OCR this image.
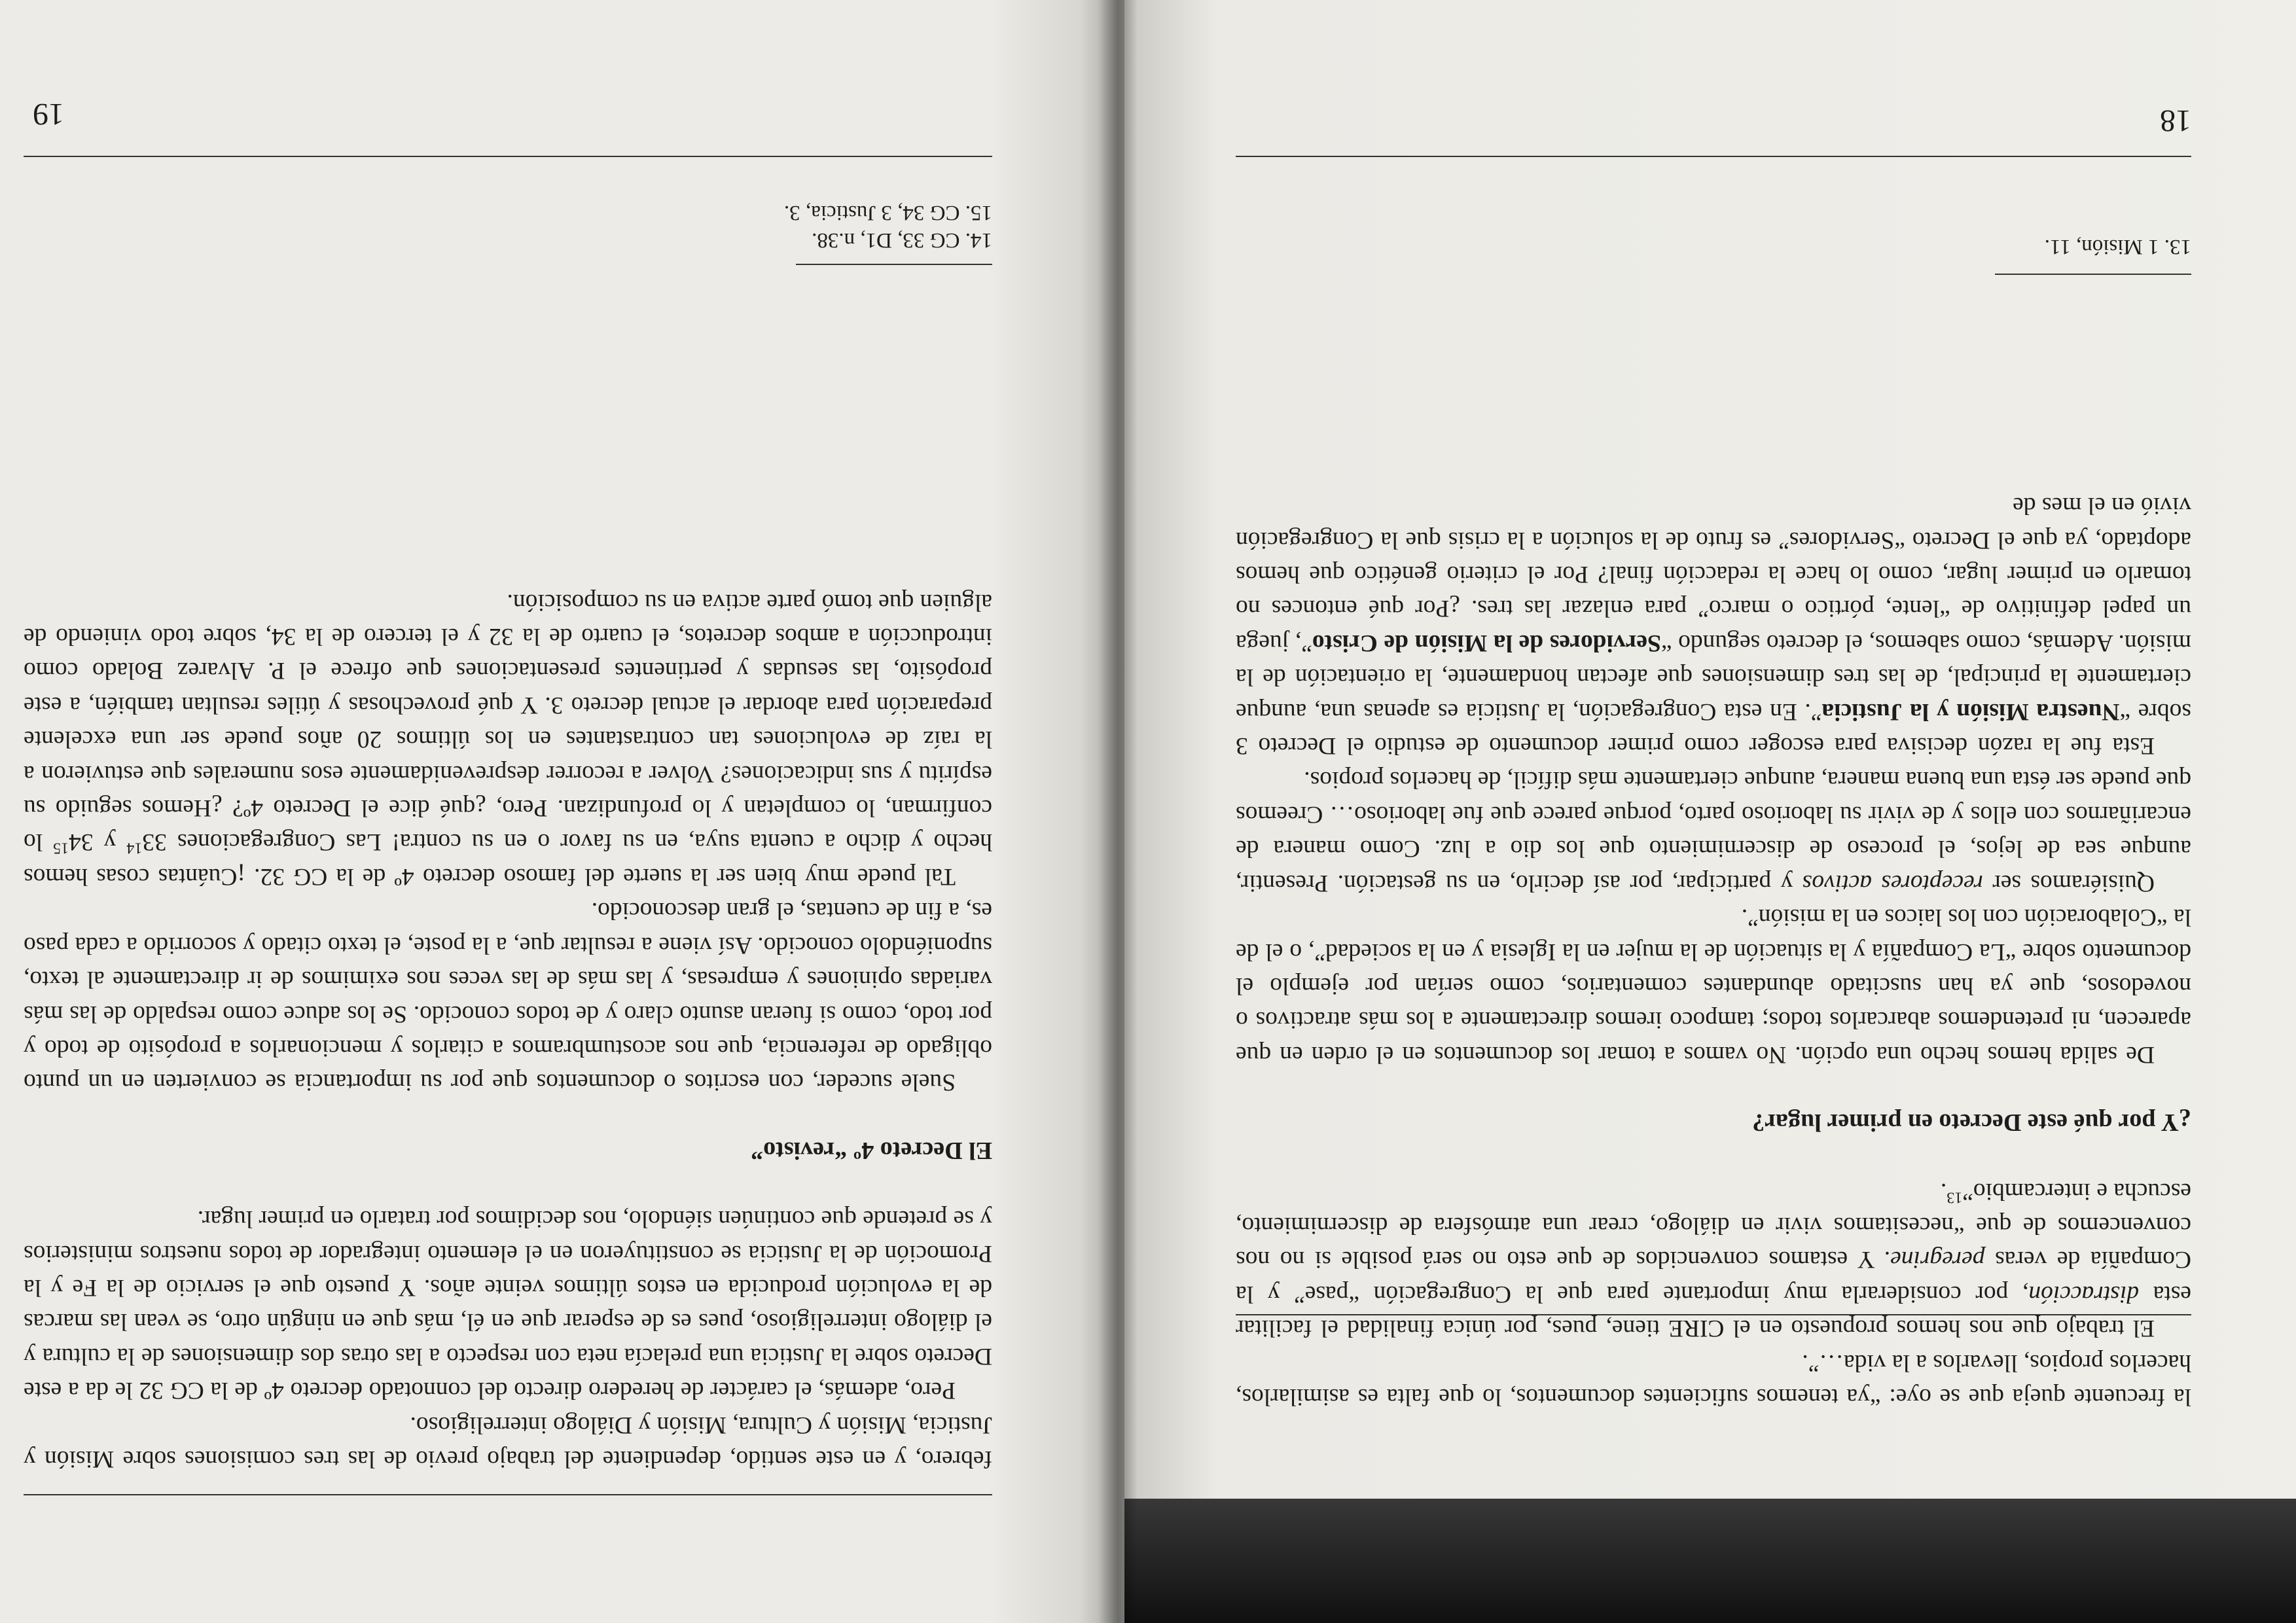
la frecuente queja que se oye: “ya tenemos suficientes documentos, lo que falta es asimilarlos, hacerlos propios, llevarlos a la vida…”.

El trabajo que nos hemos propuesto en el CIRE tiene, pues, por única finalidad el facilitar esta distracción, por considerarla muy importante para que la Congregación “pase” y la Compañía de veras peregrine. Y estamos convencidos de que esto no será posible si no nos convencemos de que “necesitamos vivir en diálogo, crear una atmósfera de discernimiento, escucha e intercambio”$^{13}$.

¿Y por qué este Decreto en primer lugar?

De salida hemos hecho una opción. No vamos a tomar los documentos en el orden en que aparecen, ni pretendemos abarcarlos todos; tampoco iremos directamente a los más atractivos o novedosos, que ya han suscitado abundantes comentarios, como serían por ejemplo el documento sobre “La Compañía y la situación de la mujer en la Iglesia y en la sociedad”, o el de la “Colaboración con los laicos en la misión”.

Quisiéramos ser receptores activos y participar, por así decirlo, en su gestación. Presentir, aunque sea de lejos, el proceso de discernimiento que los dio a luz. Como manera de encariñarnos con ellos y de vivir su laborioso parto, porque parece que fue laborioso… Creemos que puede ser ésta una buena manera, aunque ciertamente más difícil, de hacerlos propios.

Esta fue la razón decisiva para escoger como primer documento de estudio el Decreto 3 sobre “Nuestra Misión y la Justicia”. En esta Congregación, la Justicia es apenas una, aunque ciertamente la principal, de las tres dimensiones que afectan hondamente, la orientación de la misión. Además, como sabemos, el decreto segundo “Servidores de la Misión de Cristo”, juega un papel definitivo de “lente, pórtico o marco” para enlazar las tres. ¿Por qué entonces no tomarlo en primer lugar, como lo hace la redacción final? Por el criterio genético que hemos adoptado, ya que el Decreto “Servidores” es fruto de la solución a la crisis que la Congregación vivió en el mes de

13. 1 Misión, 11.

18

febrero, y en este sentido, dependiente del trabajo previo de las tres comisiones sobre Misión y Justicia, Misión y Cultura, Misión y Diálogo interreligioso.

Pero, además, el carácter de heredero directo del connotado decreto 4º de la CG 32 le da a este Decreto sobre la Justicia una prelacía neta con respecto a las otras dos dimensiones de la cultura y el diálogo interreligioso, pues es de esperar que en él, más que en ningún otro, se vean las marcas de la evolución producida en estos últimos veinte años. Y puesto que el servicio de la Fe y la Promoción de la Justicia se constituyeron en el elemento integrador de todos nuestros ministerios y se pretende que continúen siéndolo, nos decidimos por tratarlo en primer lugar.

El Decreto 4º “revisto”

Suele suceder, con escritos o documentos que por su importancia se convierten en un punto obligado de referencia, que nos acostumbramos a citarlos y mencionarlos a propósito de todo y por todo, como si fueran asunto claro y de todos conocido. Se los aduce como respaldo de las más variadas opiniones y empresas, y las más de las veces nos eximimos de ir directamente al texto, suponiéndolo conocido. Así viene a resultar que, a la poste, el texto citado y socorrido a cada paso es, a fin de cuentas, el gran desconocido.

Tal puede muy bien ser la suerte del famoso decreto 4º de la CG 32. ¡Cuántas cosas hemos hecho y dicho a cuenta suya, en su favor o en su contra! Las Congregaciones $33^{14}$ y $34^{15}$ lo confirman, lo completan y lo profundizan. Pero, ¿qué dice el Decreto 4º? ¿Hemos seguido su espíritu y sus indicaciones? Volver a recorrer desprevenidamente esos numerales que estuvieron a la raíz de evoluciones tan contrastantes en los últimos 20 años puede ser una excelente preparación para abordar el actual decreto 3. Y qué provechosas y útiles resultan también, a este propósito, las sesudas y pertinentes presentaciones que ofrece el P. Alvarez Bolado como introducción a ambos decretos, el cuarto de la 32 y el tercero de la 34, sobre todo viniendo de alguien que tomó parte activa en su composición.

14. CG 33, D1, n.38.

15. CG 34, 3 Justicia, 3.

19
